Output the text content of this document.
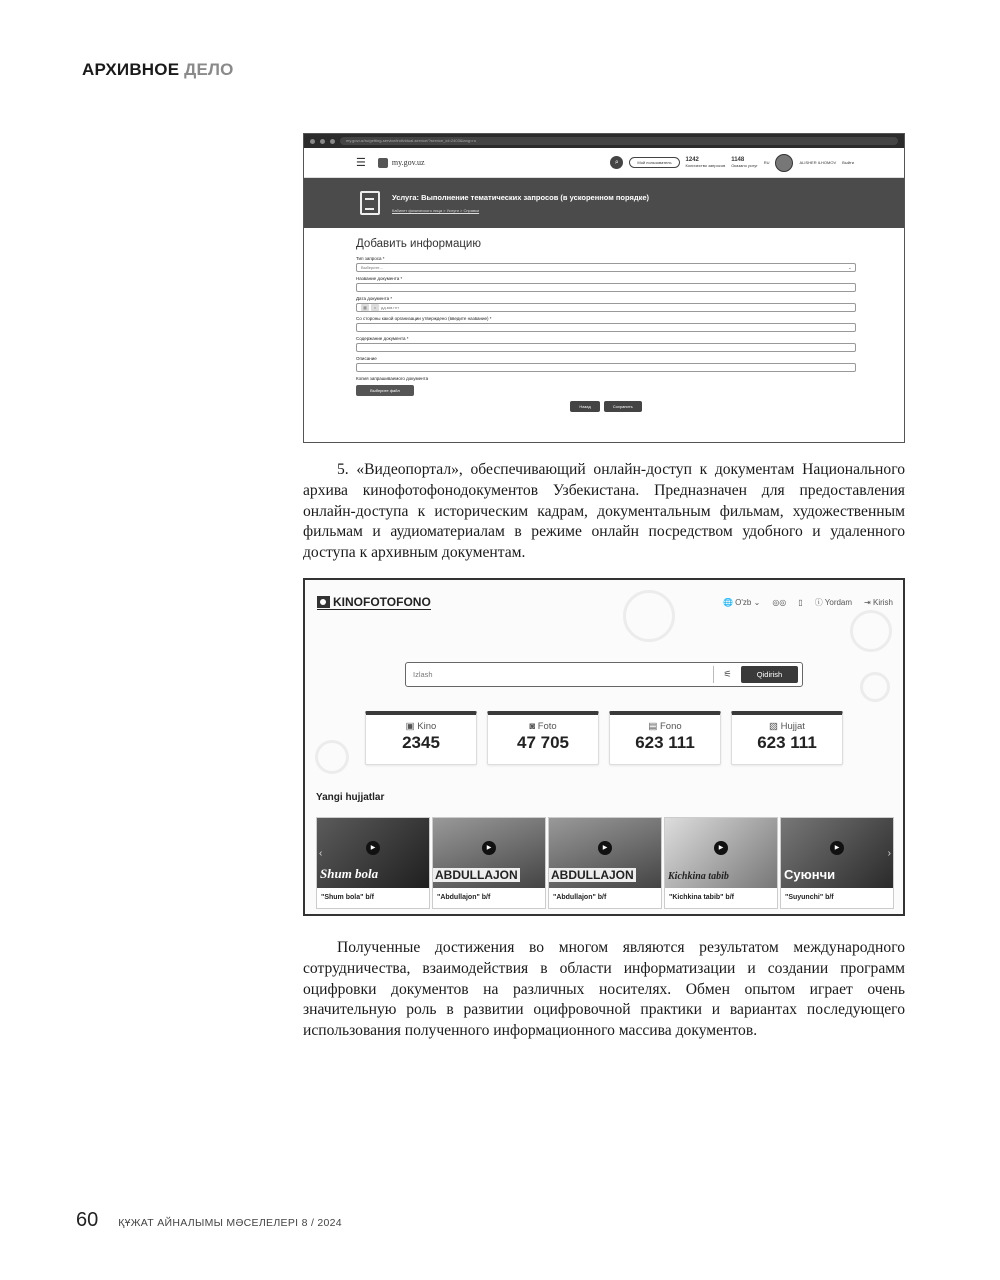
АРХИВНОЕ ДЕЛО
my.gov.uz/ru/getting-service/individual-service/?service_id=2403&lang=ru
☰	my.gov.uz	⌕	Мой пользователь	1242
Количество запросов
1148
Оказано услуг
RU	ALISHER ILHOMOV Выйти
Услуга: Выполнение тематических запросов (в ускоренном порядке)
Кабинет физического лица > Услуги > Справки
Добавить информацию
Тип запроса *
Выберите...	⌄
Название документа *
Дата документа *
▦	×	дд.мм.гггг
Со стороны какой организации утверждено (введите название) *
Содержание документа *
Описание
Копия запрашиваемого документа
Выберите файл
Назад	Сохранить

5. «Видеопортал», обеспечивающий онлайн-доступ к документам Национального архива кинофотофонодокументов Узбекистана. Предназначен для предоставления онлайн-доступа к историческим кадрам, документальным фильмам, художественным фильмам и аудиоматериалам в режиме онлайн посредством удобного и удаленного доступа к архивным документам.

KINOFOTOFONO	🌐 O'zb ⌄ ◎◎ ▯ ⓘ Yordam ⇥ Kirish
Izlash	⚟	Qidirish
▣ Kino
2345
◙ Foto
47 705
▤ Fono
623 111
▧ Hujjat
623 111
Yangi hujjatlar
▶
Shum bola
‹
"Shum bola" b/f
▶
ABDULLAJON
"Abdullajon" b/f
▶
ABDULLAJON
"Abdullajon" b/f
▶
Kichkina tabib
"Kichkina tabib" b/f
▶
Суюнчи
›
"Suyunchi" b/f

Полученные достижения во многом являются результатом международного сотрудничества, взаимодействия в области информатизации и создании программ оцифровки документов на различных носителях. Обмен опытом играет очень значительную роль в развитии оцифровочной практики и вариантах последующего использования полученного информационного массива документов.

60 ҚҰЖАТ АЙНАЛЫМЫ МӘСЕЛЕЛЕРІ 8 / 2024
